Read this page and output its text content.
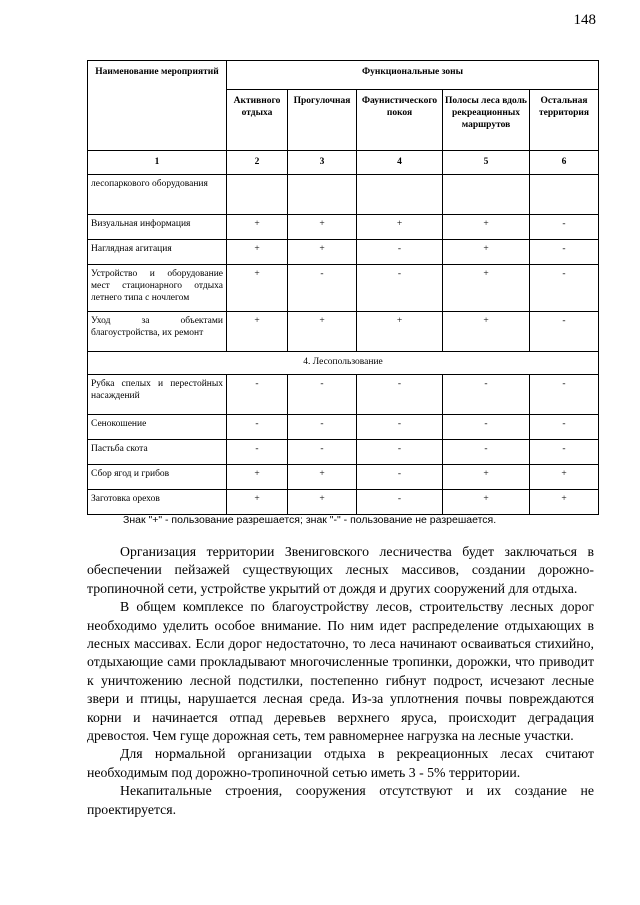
148
Наименование мероприятий	Функциональные зоны				
	Активного отдыха	Прогулочная	Фаунистического покоя	Полосы леса вдоль рекреационных маршрутов	Остальная территория
1	2	3	4	5	6
лесопаркового оборудования					
Визуальная информация	+	+	+	+	-
Наглядная агитация	+	+	-	+	-
Устройство и оборудование мест стационарного отдыха летнего типа с ночлегом	+	-	-	+	-
Уход за объектами благоустройства, их ремонт	+	+	+	+	-
4. Лесопользование					
Рубка спелых и перестойных насаждений	-	-	-	-	-
Сенокошение	-	-	-	-	-
Пастьба скота	-	-	-	-	-
Сбор ягод и грибов	+	+	-	+	+
Заготовка орехов	+	+	-	+	+
Знак "+" - пользование разрешается; знак "-" - пользование не разрешается.

Организация территории Звениговского лесничества будет заключаться в обеспечении пейзажей существующих лесных массивов, создании дорожно-тропиночной сети, устройстве укрытий от дождя и других сооружений для отдыха.

В общем комплексе по благоустройству лесов, строительству лесных дорог необходимо уделить особое внимание. По ним идет распределение отдыхающих в лесных массивах. Если дорог недостаточно, то леса начинают осваиваться стихийно, отдыхающие сами прокладывают многочисленные тропинки, дорожки, что приводит к уничтожению лесной подстилки, постепенно гибнут подрост, исчезают лесные звери и птицы, нарушается лесная среда. Из-за уплотнения почвы повреждаются корни и начинается отпад деревьев верхнего яруса, происходит деградация древостоя. Чем гуще дорожная сеть, тем равномернее нагрузка на лесные участки.

Для нормальной организации отдыха в рекреационных лесах считают необходимым под дорожно-тропиночной сетью иметь 3 - 5% территории.

Некапитальные строения, сооружения отсутствуют и их создание не проектируется.
